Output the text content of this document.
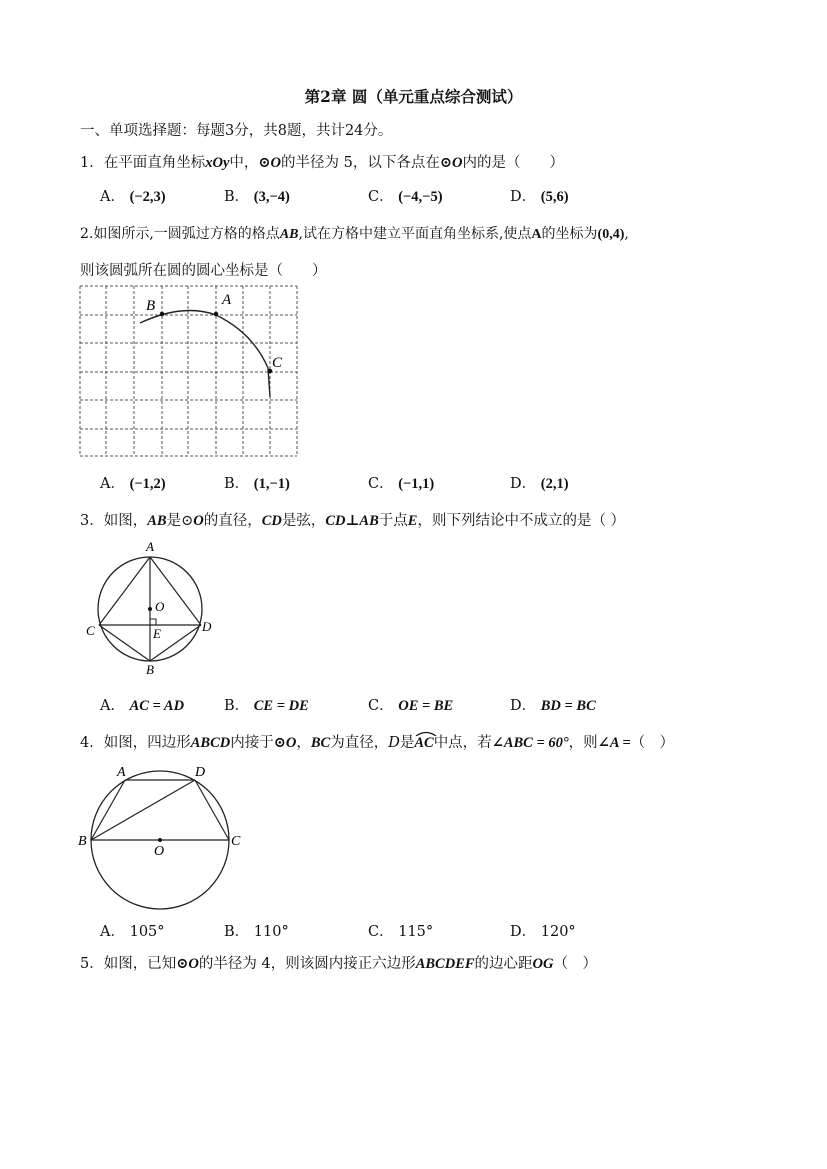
第2章 圆（单元重点综合测试）
一、单项选择题：每题3分，共8题，共计24分。
1．在平面直角坐标xOy中，⊙O的半径为 5，以下各点在⊙O内的是（　　）
A． (−2,3)	B． (3,−4)	C． (−4,−5)	D． (5,6)
2.如图所示,一圆弧过方格的格点AB,试在方格中建立平面直角坐标系,使点A的坐标为(0,4),
则该圆弧所在圆的圆心坐标是（　　）
B	A
C
A． (−1,2)	B． (1,−1)	C． (−1,1)	D． (2,1)
3．如图，AB是⊙O的直径，CD是弦，CD⊥AB于点E，则下列结论中不成立的是（ ）
A
O
C	D
E
B
A． AC = AD	B． CE = DE	C． OE = BE	D． BD = BC
4．如图，四边形ABCD内接于⊙O，BC为直径，D是
AC中点，若∠ABC = 60°，则∠A =（　）
A	D
B	C
O
A． 105°	B． 110°	C． 115°	D． 120°
5．如图，已知⊙O的半径为 4，则该圆内接正六边形ABCDEF的边心距OG（　）
